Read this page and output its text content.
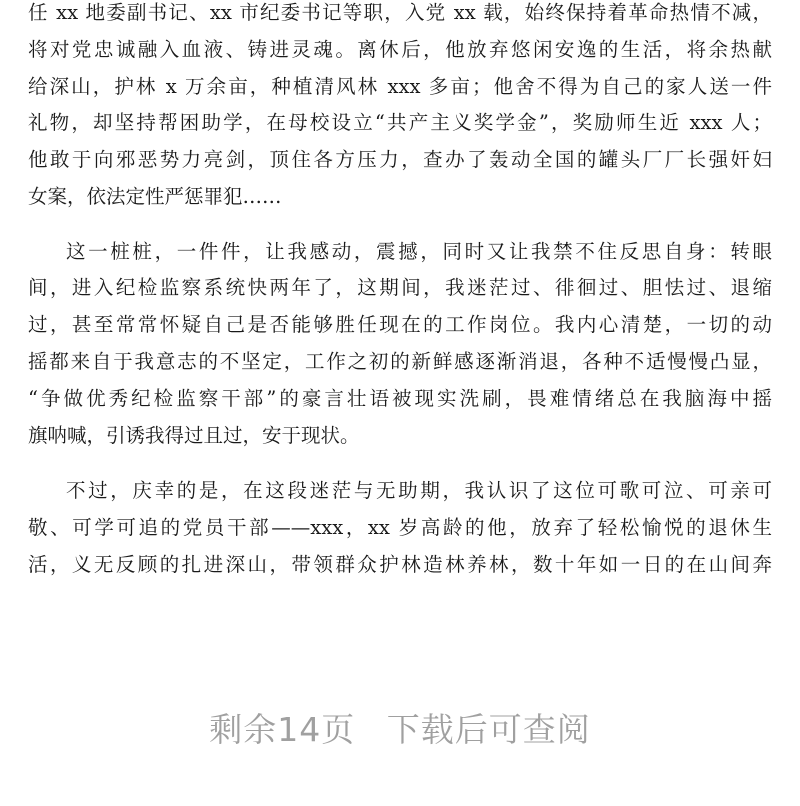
任 xx 地委副书记、xx 市纪委书记等职，入党 xx 载，始终保持着革命热情不减，
将对党忠诚融入血液、铸进灵魂。离休后，他放弃悠闲安逸的生活，将余热献
给深山，护林 x 万余亩，种植清风林 xxx 多亩；他舍不得为自己的家人送一件
礼物，却坚持帮困助学，在母校设立“共产主义奖学金”，奖励师生近 xxx 人；
他敢于向邪恶势力亮剑，顶住各方压力，查办了轰动全国的罐头厂厂长强奸妇
女案，依法定性严惩罪犯……
这一桩桩，一件件，让我感动，震撼，同时又让我禁不住反思自身：转眼
间，进入纪检监察系统快两年了，这期间，我迷茫过、徘徊过、胆怯过、退缩
过，甚至常常怀疑自己是否能够胜任现在的工作岗位。我内心清楚，一切的动
摇都来自于我意志的不坚定，工作之初的新鲜感逐渐消退，各种不适慢慢凸显，
“争做优秀纪检监察干部”的豪言壮语被现实洗刷，畏难情绪总在我脑海中摇
旗呐喊，引诱我得过且过，安于现状。
不过，庆幸的是，在这段迷茫与无助期，我认识了这位可歌可泣、可亲可
敬、可学可追的党员干部——xxx，xx 岁高龄的他，放弃了轻松愉悦的退休生
活，义无反顾的扎进深山，带领群众护林造林养林，数十年如一日的在山间奔
剩余14页 下载后可查阅
